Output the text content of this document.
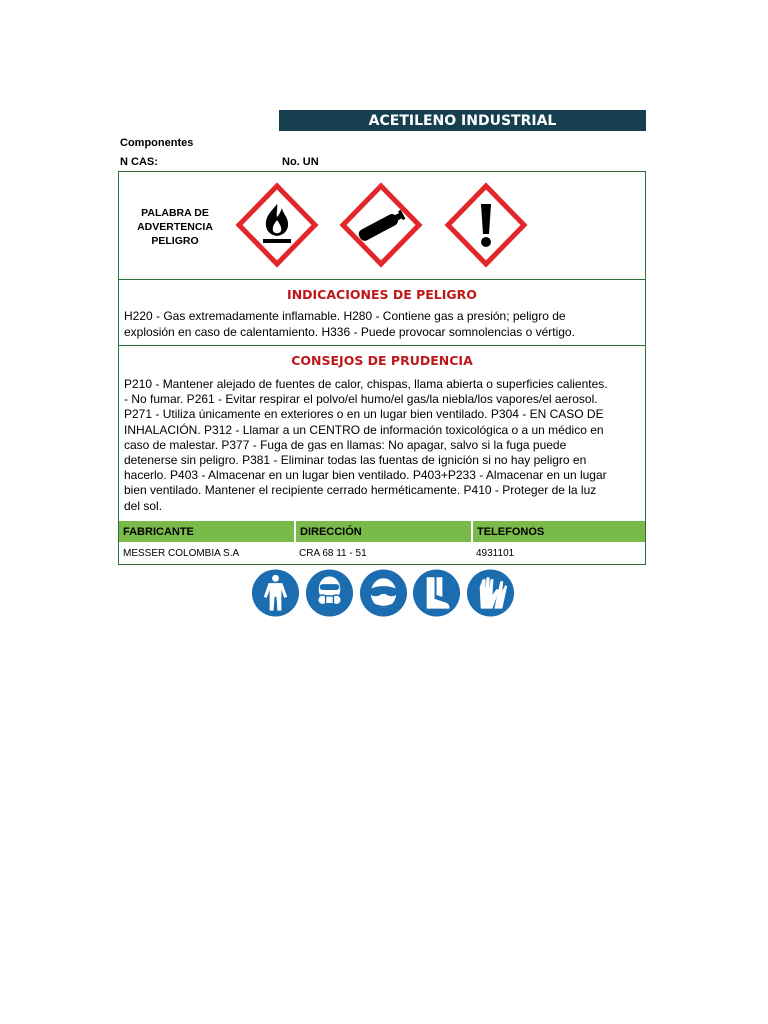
ACETILENO INDUSTRIAL
Componentes
N CAS:	No. UN
PALABRA DE
ADVERTENCIA
PELIGRO
INDICACIONES DE PELIGRO
H220 - Gas extremadamente inflamable. H280 - Contiene gas a presión; peligro de
explosión en caso de calentamiento. H336 - Puede provocar somnolencias o vértigo.
CONSEJOS DE PRUDENCIA
P210 - Mantener alejado de fuentes de calor, chispas, llama abierta o superficies calientes.
- No fumar. P261 - Evitar respirar el polvo/el humo/el gas/la niebla/los vapores/el aerosol.
P271 - Utiliza únicamente en exteriores o en un lugar bien ventilado. P304 - EN CASO DE
INHALACIÓN. P312 - Llamar a un CENTRO de información toxicológica o a un médico en
caso de malestar. P377 - Fuga de gas en llamas: No apagar, salvo si la fuga puede
detenerse sin peligro. P381 - Eliminar todas las fuentas de ignición si no hay peligro en
hacerlo. P403 - Almacenar en un lugar bien ventilado. P403+P233 - Almacenar en un lugar
bien ventilado. Mantener el recipiente cerrado herméticamente. P410 - Proteger de la luz
del sol.
FABRICANTE	DIRECCIÓN	TELEFONOS
MESSER COLOMBIA S.A	CRA 68 11 - 51	4931101
